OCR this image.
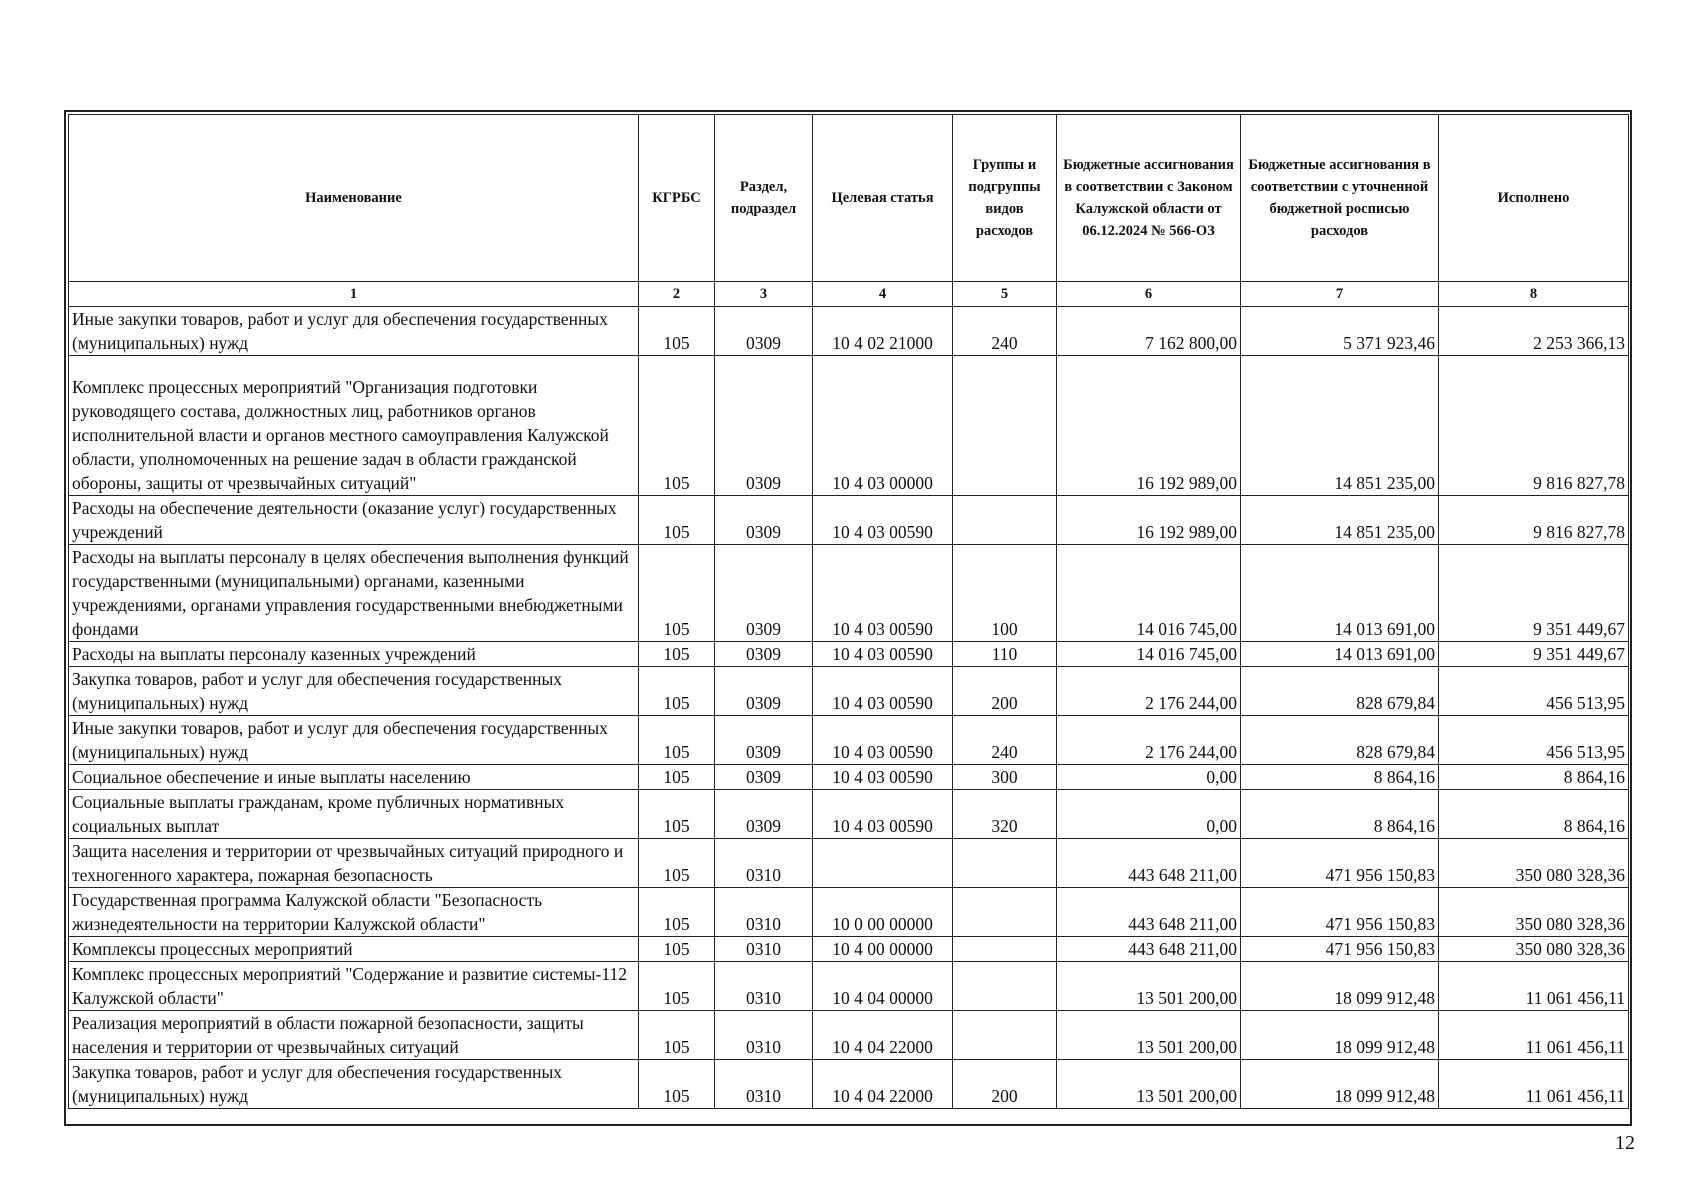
Наименование	КГРБС	Раздел, подраздел	Целевая статья	Группы и подгруппы видов расходов	Бюджетные ассигнования в соответствии с Законом Калужской области от 06.12.2024 № 566-ОЗ	Бюджетные ассигнования в соответствии с уточненной бюджетной росписью расходов	Исполнено
1	2	3	4	5	6	7	8
Иные закупки товаров, работ и услуг для обеспечения государственных (муниципальных) нужд	105	0309	10 4 02 21000	240	7 162 800,00	5 371 923,46	2 253 366,13
Комплекс процессных мероприятий "Организация подготовки руководящего состава, должностных лиц, работников органов исполнительной власти и органов местного самоуправления Калужской области, уполномоченных на решение задач в области гражданской обороны, защиты от чрезвычайных ситуаций"	105	0309	10 4 03 00000		16 192 989,00	14 851 235,00	9 816 827,78
Расходы на обеспечение деятельности (оказание услуг) государственных учреждений	105	0309	10 4 03 00590		16 192 989,00	14 851 235,00	9 816 827,78
Расходы на выплаты персоналу в целях обеспечения выполнения функций государственными (муниципальными) органами, казенными учреждениями, органами управления государственными внебюджетными фондами	105	0309	10 4 03 00590	100	14 016 745,00	14 013 691,00	9 351 449,67
Расходы на выплаты персоналу казенных учреждений	105	0309	10 4 03 00590	110	14 016 745,00	14 013 691,00	9 351 449,67
Закупка товаров, работ и услуг для обеспечения государственных (муниципальных) нужд	105	0309	10 4 03 00590	200	2 176 244,00	828 679,84	456 513,95
Иные закупки товаров, работ и услуг для обеспечения государственных (муниципальных) нужд	105	0309	10 4 03 00590	240	2 176 244,00	828 679,84	456 513,95
Социальное обеспечение и иные выплаты населению	105	0309	10 4 03 00590	300	0,00	8 864,16	8 864,16
Социальные выплаты гражданам, кроме публичных нормативных социальных выплат	105	0309	10 4 03 00590	320	0,00	8 864,16	8 864,16
Защита населения и территории от чрезвычайных ситуаций природного и техногенного характера, пожарная безопасность	105	0310			443 648 211,00	471 956 150,83	350 080 328,36
Государственная программа Калужской области "Безопасность жизнедеятельности на территории Калужской области"	105	0310	10 0 00 00000		443 648 211,00	471 956 150,83	350 080 328,36
Комплексы процессных мероприятий	105	0310	10 4 00 00000		443 648 211,00	471 956 150,83	350 080 328,36
Комплекс процессных мероприятий "Содержание и развитие системы-112 Калужской области"	105	0310	10 4 04 00000		13 501 200,00	18 099 912,48	11 061 456,11
Реализация мероприятий в области пожарной безопасности, защиты населения и территории от чрезвычайных ситуаций	105	0310	10 4 04 22000		13 501 200,00	18 099 912,48	11 061 456,11
Закупка товаров, работ и услуг для обеспечения государственных (муниципальных) нужд	105	0310	10 4 04 22000	200	13 501 200,00	18 099 912,48	11 061 456,11
12
